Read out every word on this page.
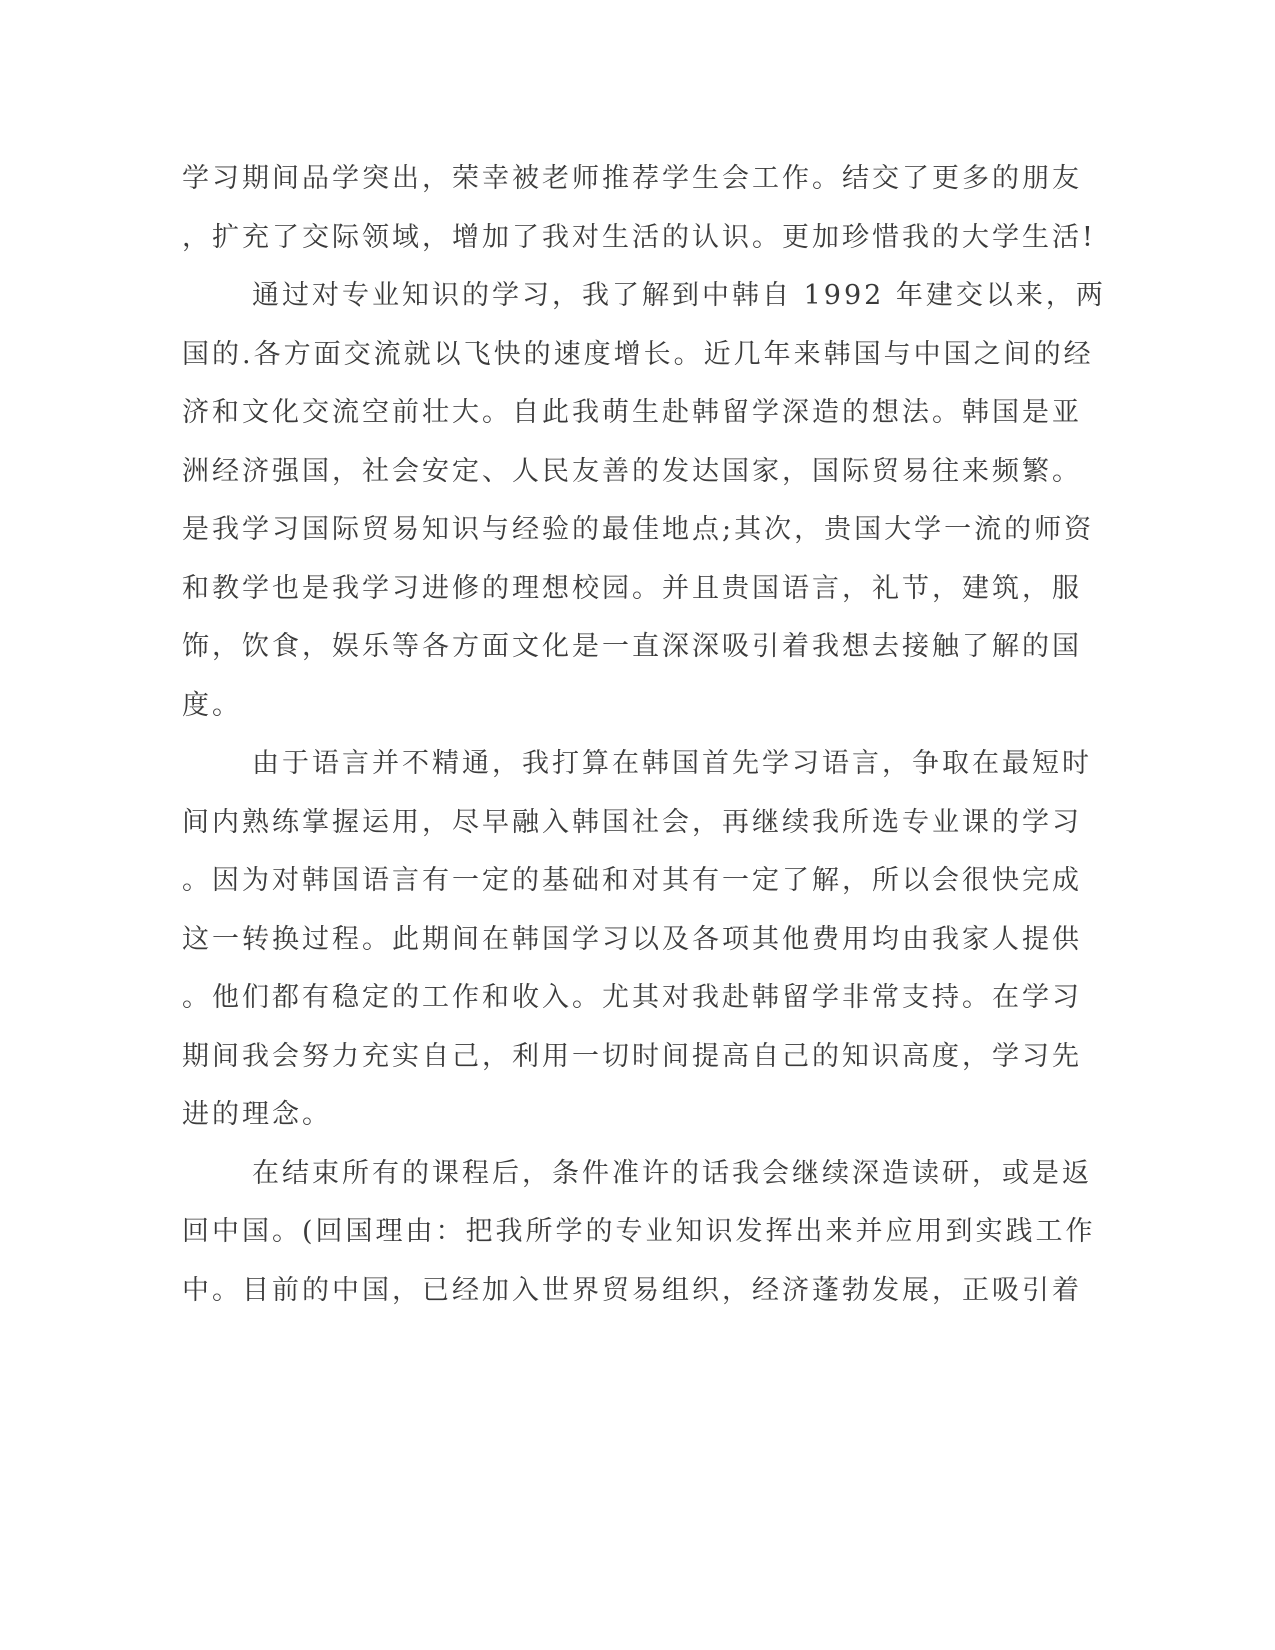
学习期间品学突出，荣幸被老师推荐学生会工作。结交了更多的朋友
，扩充了交际领域，增加了我对生活的认识。更加珍惜我的大学生活!
通过对专业知识的学习，我了解到中韩自 1992 年建交以来，两
国的.各方面交流就以飞快的速度增长。近几年来韩国与中国之间的经
济和文化交流空前壮大。自此我萌生赴韩留学深造的想法。韩国是亚
洲经济强国，社会安定、人民友善的发达国家，国际贸易往来频繁。
是我学习国际贸易知识与经验的最佳地点;其次，贵国大学一流的师资
和教学也是我学习进修的理想校园。并且贵国语言，礼节，建筑，服
饰，饮食，娱乐等各方面文化是一直深深吸引着我想去接触了解的国
度。
由于语言并不精通，我打算在韩国首先学习语言，争取在最短时
间内熟练掌握运用，尽早融入韩国社会，再继续我所选专业课的学习
。因为对韩国语言有一定的基础和对其有一定了解，所以会很快完成
这一转换过程。此期间在韩国学习以及各项其他费用均由我家人提供
。他们都有稳定的工作和收入。尤其对我赴韩留学非常支持。在学习
期间我会努力充实自己，利用一切时间提高自己的知识高度，学习先
进的理念。
在结束所有的课程后，条件准许的话我会继续深造读研，或是返
回中国。(回国理由：把我所学的专业知识发挥出来并应用到实践工作
中。目前的中国，已经加入世界贸易组织，经济蓬勃发展，正吸引着
